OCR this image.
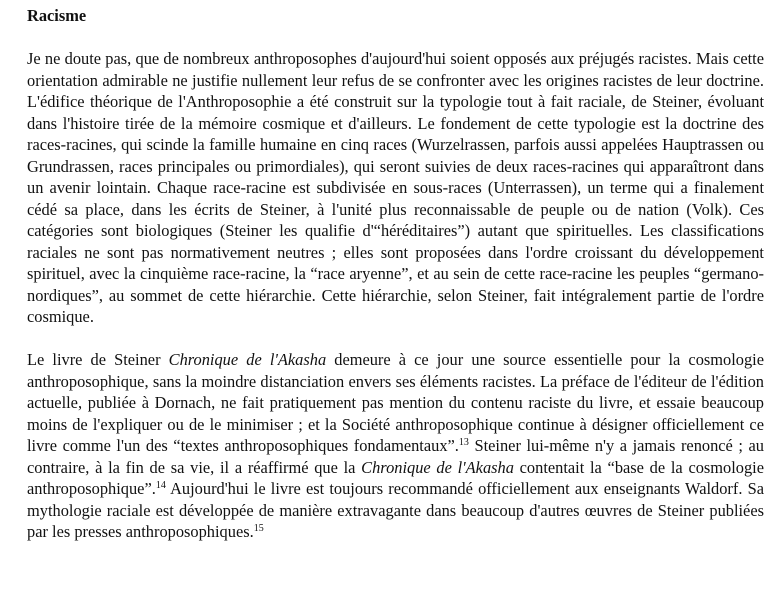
Racisme

Je ne doute pas, que de nombreux anthroposophes d'aujourd'hui soient opposés aux préjugés racistes. Mais cette orientation admirable ne justifie nullement leur refus de se confronter avec les origines racistes de leur doctrine. L'édifice théorique de l'Anthroposophie a été construit sur la typologie tout à fait raciale, de Steiner, évoluant dans l'histoire tirée de la mémoire cosmique et d'ailleurs. Le fondement de cette typologie est la doctrine des races-racines, qui scinde la famille humaine en cinq races (Wurzelrassen, parfois aussi appelées Hauptrassen ou Grundrassen, races principales ou primordiales), qui seront suivies de deux races-racines qui apparaîtront dans un avenir lointain. Chaque race-racine est subdivisée en sous-races (Unterrassen), un terme qui a finalement cédé sa place, dans les écrits de Steiner, à l'unité plus reconnaissable de peuple ou de nation (Volk). Ces catégories sont biologiques (Steiner les qualifie d'“héréditaires”) autant que spirituelles. Les classifications raciales ne sont pas normativement neutres ; elles sont proposées dans l'ordre croissant du développement spirituel, avec la cinquième race-racine, la “race aryenne”, et au sein de cette race-racine les peuples “germano-nordiques”, au sommet de cette hiérarchie. Cette hiérarchie, selon Steiner, fait intégralement partie de l'ordre cosmique.

Le livre de Steiner Chronique de l'Akasha demeure à ce jour une source essentielle pour la cosmologie anthroposophique, sans la moindre distanciation envers ses éléments racistes. La préface de l'éditeur de l'édition actuelle, publiée à Dornach, ne fait pratiquement pas mention du contenu raciste du livre, et essaie beaucoup moins de l'expliquer ou de le minimiser ; et la Société anthroposophique continue à désigner officiellement ce livre comme l'un des “textes anthroposophiques fondamentaux”.$^{13}$ Steiner lui-même n'y a jamais renoncé ; au contraire, à la fin de sa vie, il a réaffirmé que la Chronique de l'Akasha contentait la “base de la cosmologie anthroposophique”.$^{14}$ Aujourd'hui le livre est toujours recommandé officiellement aux enseignants Waldorf. Sa mythologie raciale est développée de manière extravagante dans beaucoup d'autres œuvres de Steiner publiées par les presses anthroposophiques.$^{15}$
